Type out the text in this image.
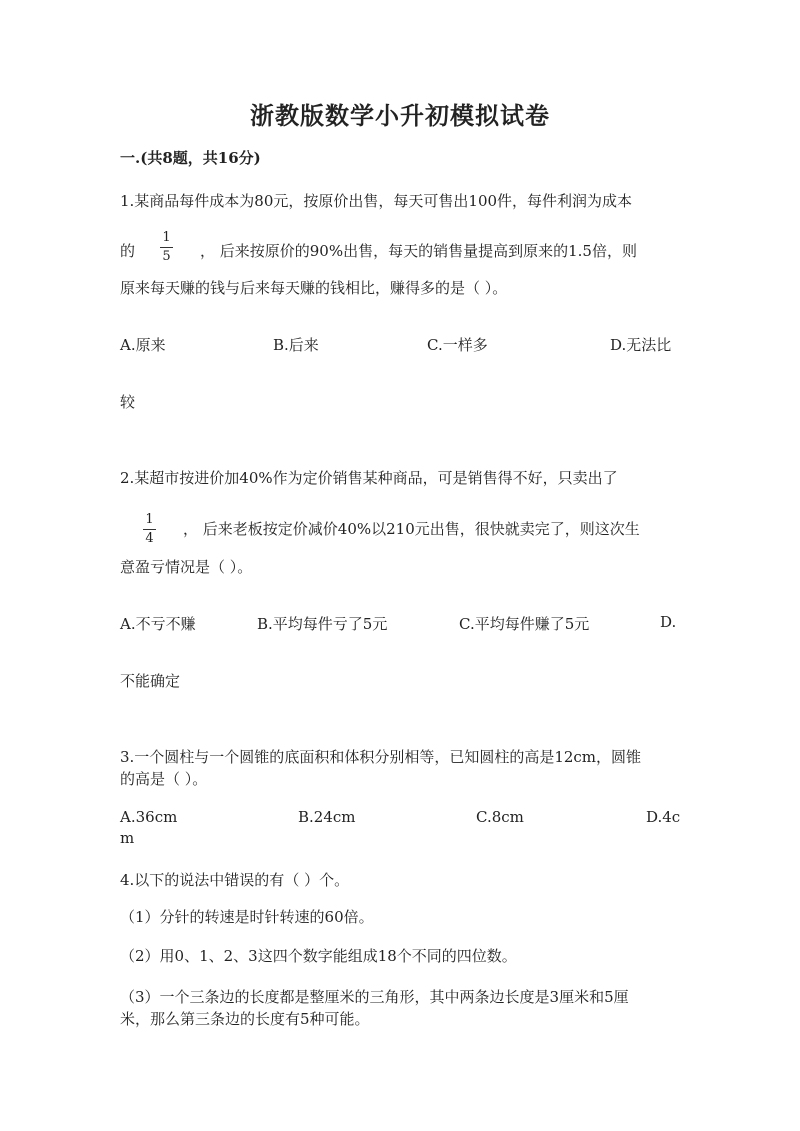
浙教版数学小升初模拟试卷
一.(共8题，共16分)
1.某商品每件成本为80元，按原价出售，每天可售出100件，每件利润为成本
的
1
5 ， 后来按原价的90%出售，每天的销售量提高到原来的1.5倍，则
原来每天赚的钱与后来每天赚的钱相比，赚得多的是（ ）。
A.原来	B.后来	C.一样多	D.无法比
较
2.某超市按进价加40%作为定价销售某种商品，可是销售得不好，只卖出了
1
4
， 后来老板按定价减价40%以210元出售，很快就卖完了，则这次生
意盈亏情况是（ ）。
A.不亏不赚	B.平均每件亏了5元	C.平均每件赚了5元	D.
不能确定
3.一个圆柱与一个圆锥的底面积和体积分别相等，已知圆柱的高是12cm，圆锥
的高是（ ）。
A.36cm	B.24cm	C.8cm	D.4c
m
4.以下的说法中错误的有（ ）个。
（1）分针的转速是时针转速的60倍。
（2）用0、1、2、3这四个数字能组成18个不同的四位数。
（3）一个三条边的长度都是整厘米的三角形，其中两条边长度是3厘米和5厘
米，那么第三条边的长度有5种可能。
